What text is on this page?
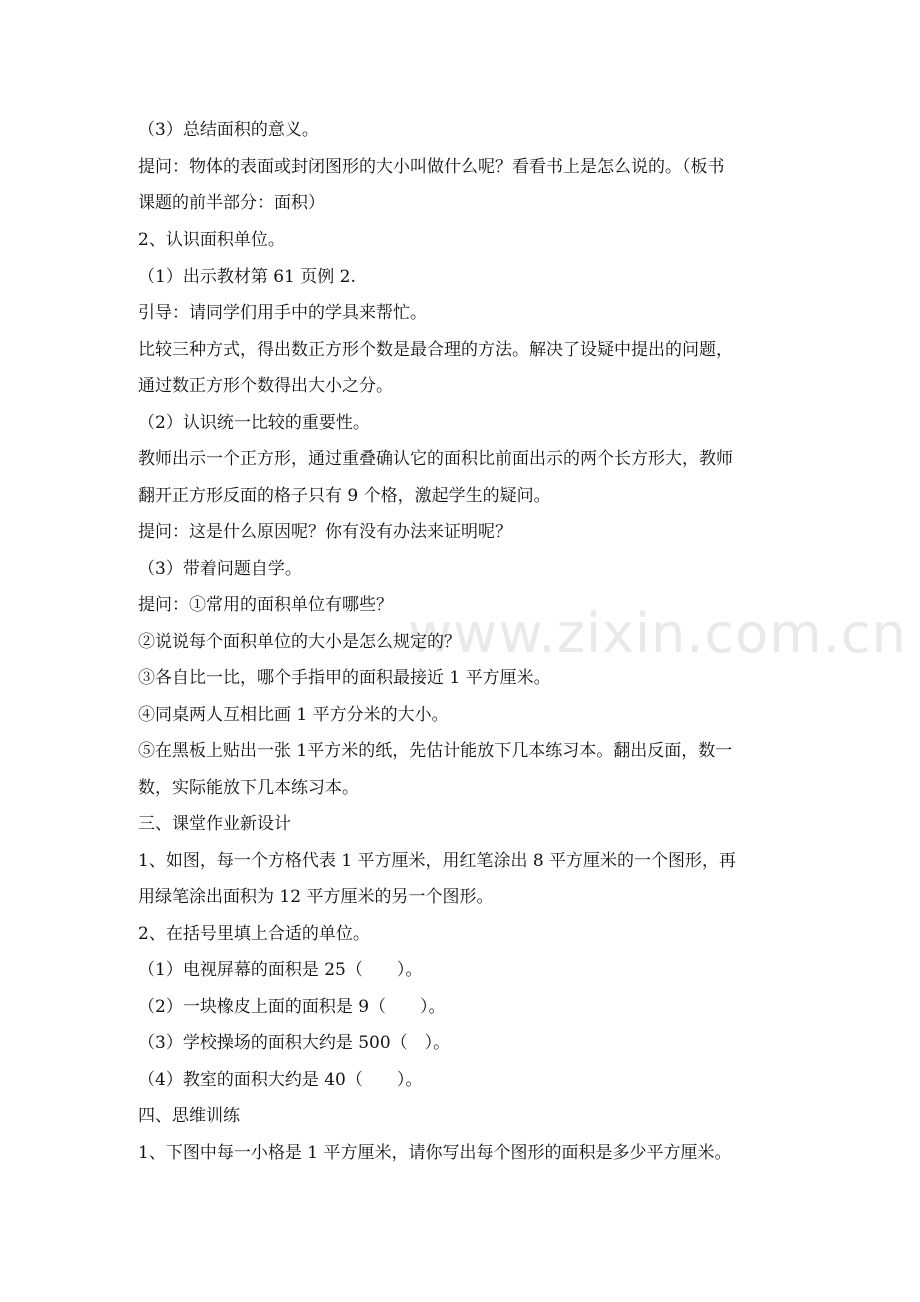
www.zixin.com.cn
（3）总结面积的意义。
提问：物体的表面或封闭图形的大小叫做什么呢？看看书上是怎么说的。（板书
课题的前半部分：面积）
2、认识面积单位。
（1）出示教材第 61 页例 2.
引导：请同学们用手中的学具来帮忙。
比较三种方式，得出数正方形个数是最合理的方法。解决了设疑中提出的问题，
通过数正方形个数得出大小之分。
（2）认识统一比较的重要性。
教师出示一个正方形，通过重叠确认它的面积比前面出示的两个长方形大，教师
翻开正方形反面的格子只有 9 个格，激起学生的疑问。
提问：这是什么原因呢？你有没有办法来证明呢？
（3）带着问题自学。
提问：①常用的面积单位有哪些？
②说说每个面积单位的大小是怎么规定的？
③各自比一比，哪个手指甲的面积最接近 1 平方厘米。
④同桌两人互相比画 1 平方分米的大小。
⑤在黑板上贴出一张 1平方米的纸，先估计能放下几本练习本。翻出反面，数一
数，实际能放下几本练习本。
三、课堂作业新设计
1、如图，每一个方格代表 1 平方厘米，用红笔涂出 8 平方厘米的一个图形，再
用绿笔涂出面积为 12 平方厘米的另一个图形。
2、在括号里填上合适的单位。
（1）电视屏幕的面积是 25（　　）。
（2）一块橡皮上面的面积是 9（　　）。
（3）学校操场的面积大约是 500（　）。
（4）教室的面积大约是 40（　　）。
四、思维训练
1、下图中每一小格是 1 平方厘米，请你写出每个图形的面积是多少平方厘米。
